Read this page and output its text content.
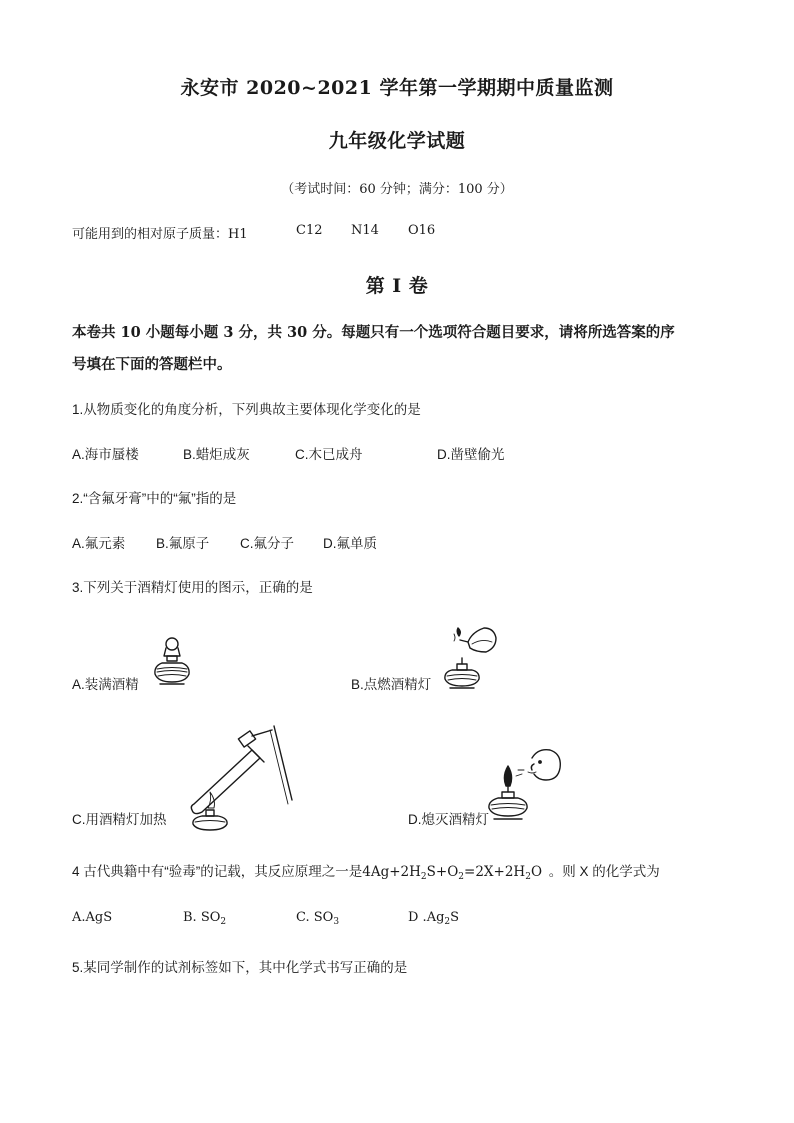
永安市 2020~2021 学年第一学期期中质量监测
九年级化学试题
（考试时间：60 分钟；满分：100 分）
可能用到的相对原子质量：H1	C12 N14 O16
第 I 卷
本卷共 10 小题每小题 3 分，共 30 分。每题只有一个选项符合题目要求，请将所选答案的序
号填在下面的答题栏中。
1.从物质变化的角度分析，下列典故主要体现化学变化的是
A.海市蜃楼	B.蜡炬成灰	C.木已成舟	D.凿壁偷光
2.“含氟牙膏”中的“氟”指的是
A.氟元素 B.氟原子 C.氟分子 D.氟单质
3.下列关于酒精灯使用的图示，正确的是
A.装满酒精	B.点燃酒精灯
C.用酒精灯加热	D.熄灭酒精灯
4 古代典籍中有“验毒”的记载，其反应原理之一是$4Ag+2H_2S+O_2=2X+2H_2O$ 。则 X 的化学式为
A.AgS	B. $SO_2$	C. $SO_3$	D $.Ag_2S$
5.某同学制作的试剂标签如下，其中化学式书写正确的是
